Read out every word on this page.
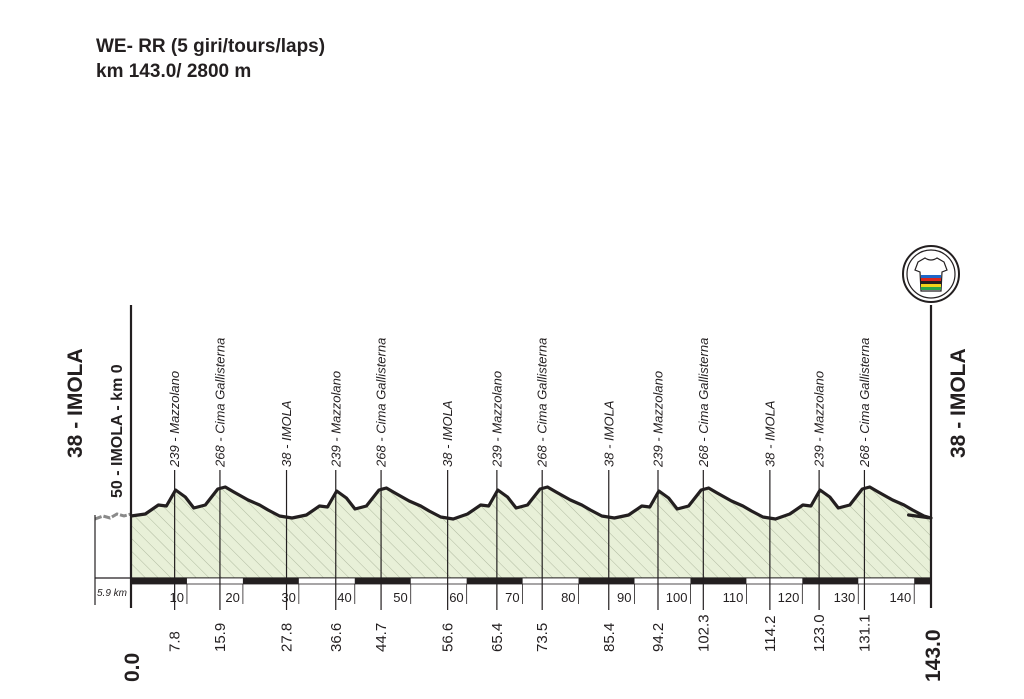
WE- RR (5 giri/tours/laps)
km 143.0/ 2800 m
239 - Mazzolano 268 - Cima Gallisterna	38 - IMOLA	239 - Mazzolano 268 - Cima Gallisterna	38 - IMOLA	239 - Mazzolano 268 - Cima Gallisterna	38 - IMOLA	239 - Mazzolano 268 - Cima Gallisterna	38 - IMOLA	239 - Mazzolano 268 - Cima Gallisterna
10	20	30	40	50	60	70	80	90	100	110	120	130	140
7.8 15.9	27.8 36.6 44.7	56.6 65.4 73.5	85.4 94.2 102.3	114.2 123.0 131.1
5.9 km
38 - IMOLA 50 - IMOLA - km 0
0.0
38 - IMOLA
143.0
